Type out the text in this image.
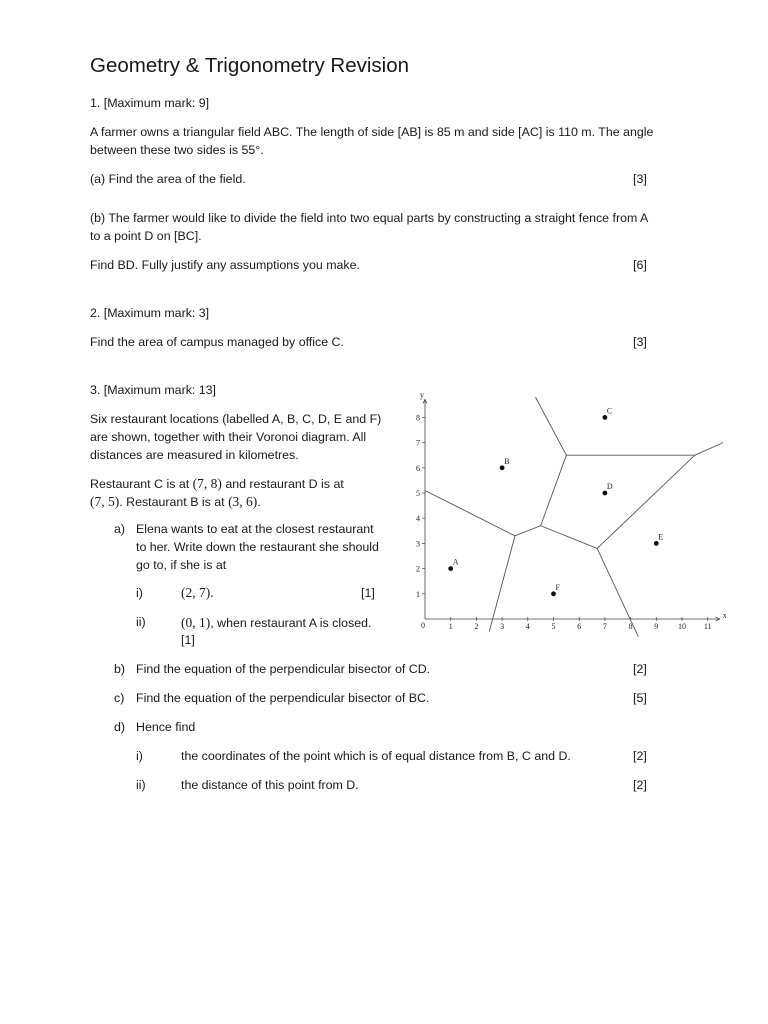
Geometry & Trigonometry Revision
1. [Maximum mark: 9]
A farmer owns a triangular field ABC. The length of side [AB] is 85 m and side [AC] is 110 m. The angle
between these two sides is 55°.
(a) Find the area of the field.	[3]
(b) The farmer would like to divide the field into two equal parts by constructing a straight fence from A
to a point D on [BC].
Find BD. Fully justify any assumptions you make.	[6]
2. [Maximum mark: 3]
Find the area of campus managed by office C.	[3]
3. [Maximum mark: 13]
Six restaurant locations (labelled A, B, C, D, E and F)
are shown, together with their Voronoi diagram. All
distances are measured in kilometres.
Restaurant C is at (7, 8) and restaurant D is at
(7, 5). Restaurant B is at (3, 6).
a) Elena wants to eat at the closest restaurant
to her. Write down the restaurant she should
go to, if she is at
i)	(2, 7).	[1]
ii)	(0, 1), when restaurant A is closed.
[1]
b) Find the equation of the perpendicular bisector of CD.	[2]
c) Find the equation of the perpendicular bisector of BC.	[5]
d) Hence find
i)	the coordinates of the point which is of equal distance from B, C and D.	[2]
ii)	the distance of this point from D.	[2]
x
y
0	1	2	3	4	5	6	7	8	9 10 11
1
2
3
4
5
6
7
8
A
B
C
D
E
F
